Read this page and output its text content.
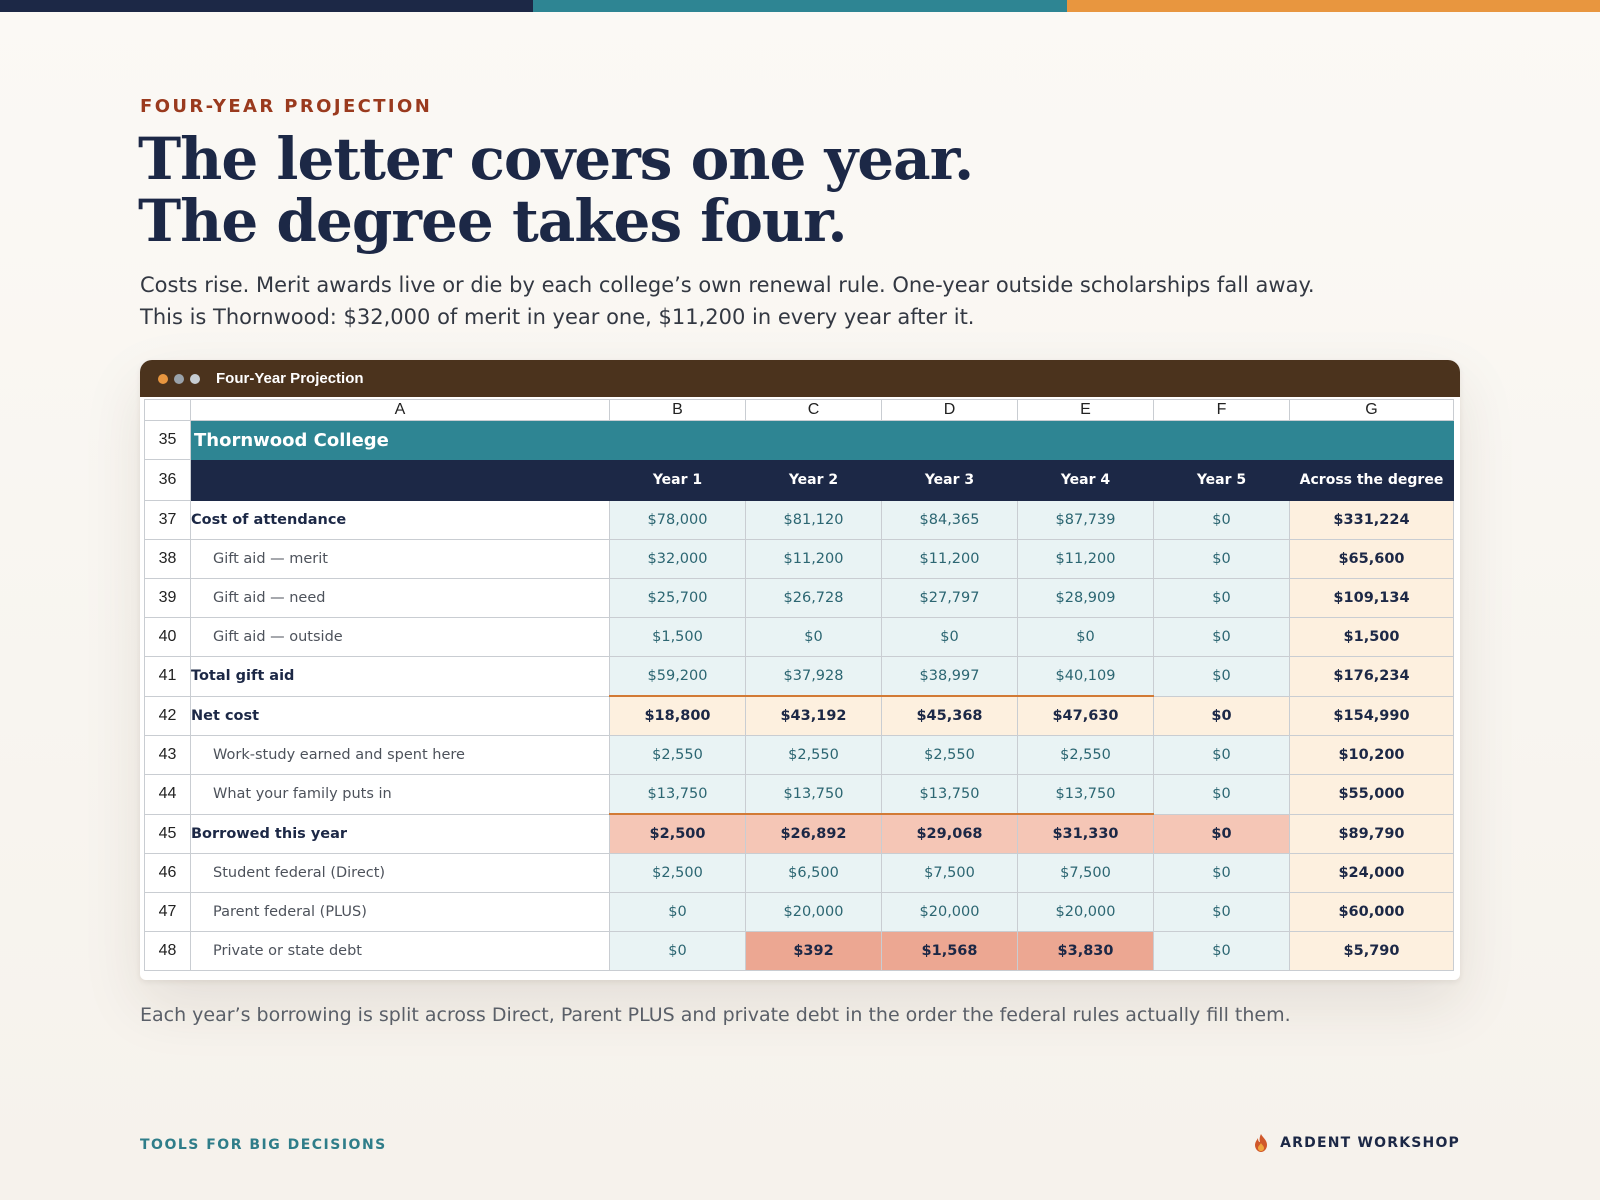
FOUR-YEAR PROJECTION
The letter covers one year.
The degree takes four.
Costs rise. Merit awards live or die by each college’s own renewal rule. One-year outside scholarships fall away.
This is Thornwood: $32,000 of merit in year one, $11,200 in every year after it.
Four-Year Projection
	A	B	C	D	E	F	G
35	Thornwood College						
36		Year 1	Year 2	Year 3	Year 4	Year 5	Across the degree
37	Cost of attendance	$78,000	$81,120	$84,365	$87,739	$0	$331,224
38	Gift aid — merit	$32,000	$11,200	$11,200	$11,200	$0	$65,600
39	Gift aid — need	$25,700	$26,728	$27,797	$28,909	$0	$109,134
40	Gift aid — outside	$1,500	$0	$0	$0	$0	$1,500
41	Total gift aid	$59,200	$37,928	$38,997	$40,109	$0	$176,234
42	Net cost	$18,800	$43,192	$45,368	$47,630	$0	$154,990
43	Work-study earned and spent here	$2,550	$2,550	$2,550	$2,550	$0	$10,200
44	What your family puts in	$13,750	$13,750	$13,750	$13,750	$0	$55,000
45	Borrowed this year	$2,500	$26,892	$29,068	$31,330	$0	$89,790
46	Student federal (Direct)	$2,500	$6,500	$7,500	$7,500	$0	$24,000
47	Parent federal (PLUS)	$0	$20,000	$20,000	$20,000	$0	$60,000
48	Private or state debt	$0	$392	$1,568	$3,830	$0	$5,790
Each year’s borrowing is split across Direct, Parent PLUS and private debt in the order the federal rules actually fill them.
TOOLS FOR BIG DECISIONS	ARDENT WORKSHOP
